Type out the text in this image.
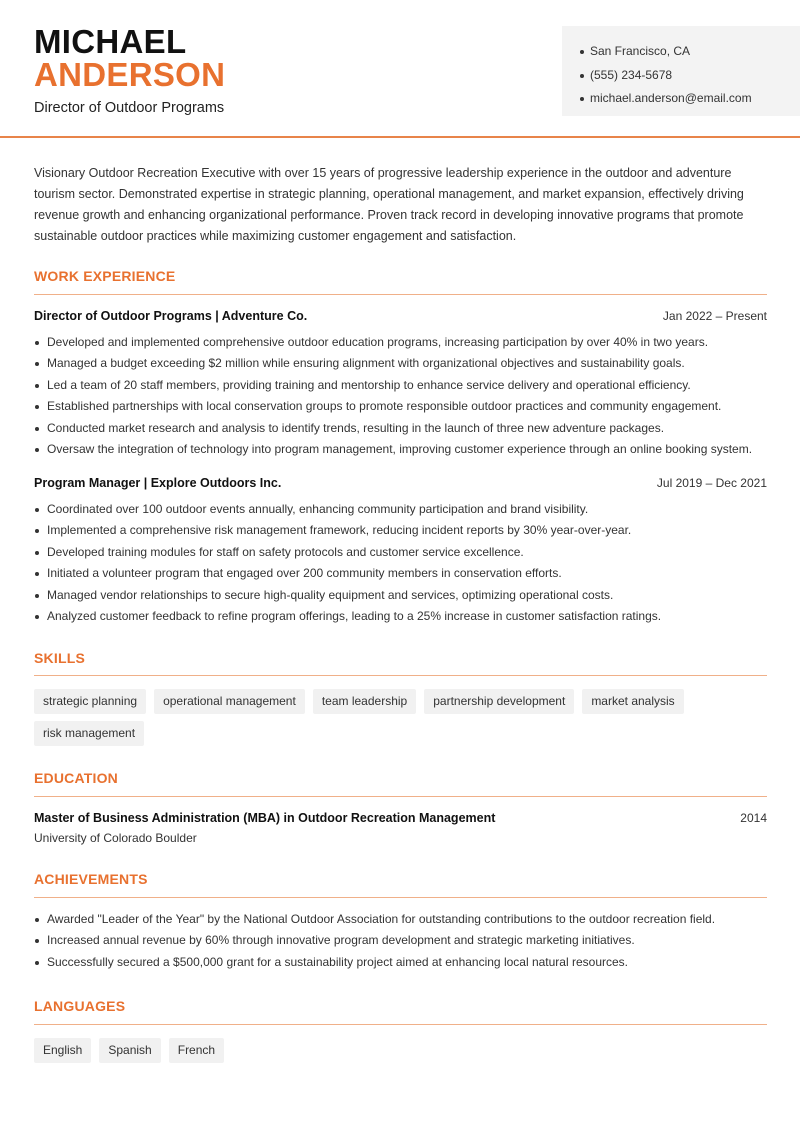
MICHAEL
ANDERSON
Director of Outdoor Programs
San Francisco, CA
(555) 234-5678
michael.anderson@email.com

Visionary Outdoor Recreation Executive with over 15 years of progressive leadership experience in the outdoor and adventure tourism sector. Demonstrated expertise in strategic planning, operational management, and market expansion, effectively driving revenue growth and enhancing organizational performance. Proven track record in developing innovative programs that promote sustainable outdoor practices while maximizing customer engagement and satisfaction.

WORK EXPERIENCE
Director of Outdoor Programs | Adventure Co.	Jan 2022 – Present
Developed and implemented comprehensive outdoor education programs, increasing participation by over 40% in two years.
Managed a budget exceeding $2 million while ensuring alignment with organizational objectives and sustainability goals.
Led a team of 20 staff members, providing training and mentorship to enhance service delivery and operational efficiency.
Established partnerships with local conservation groups to promote responsible outdoor practices and community engagement.
Conducted market research and analysis to identify trends, resulting in the launch of three new adventure packages.
Oversaw the integration of technology into program management, improving customer experience through an online booking system.
Program Manager | Explore Outdoors Inc.	Jul 2019 – Dec 2021
Coordinated over 100 outdoor events annually, enhancing community participation and brand visibility.
Implemented a comprehensive risk management framework, reducing incident reports by 30% year-over-year.
Developed training modules for staff on safety protocols and customer service excellence.
Initiated a volunteer program that engaged over 200 community members in conservation efforts.
Managed vendor relationships to secure high-quality equipment and services, optimizing operational costs.
Analyzed customer feedback to refine program offerings, leading to a 25% increase in customer satisfaction ratings.
SKILLS
strategic planning	operational management	team leadership	partnership development	market analysis
risk management
EDUCATION
Master of Business Administration (MBA) in Outdoor Recreation Management	2014
University of Colorado Boulder
ACHIEVEMENTS
Awarded "Leader of the Year" by the National Outdoor Association for outstanding contributions to the outdoor recreation field.
Increased annual revenue by 60% through innovative program development and strategic marketing initiatives.
Successfully secured a $500,000 grant for a sustainability project aimed at enhancing local natural resources.
LANGUAGES
English	Spanish	French
